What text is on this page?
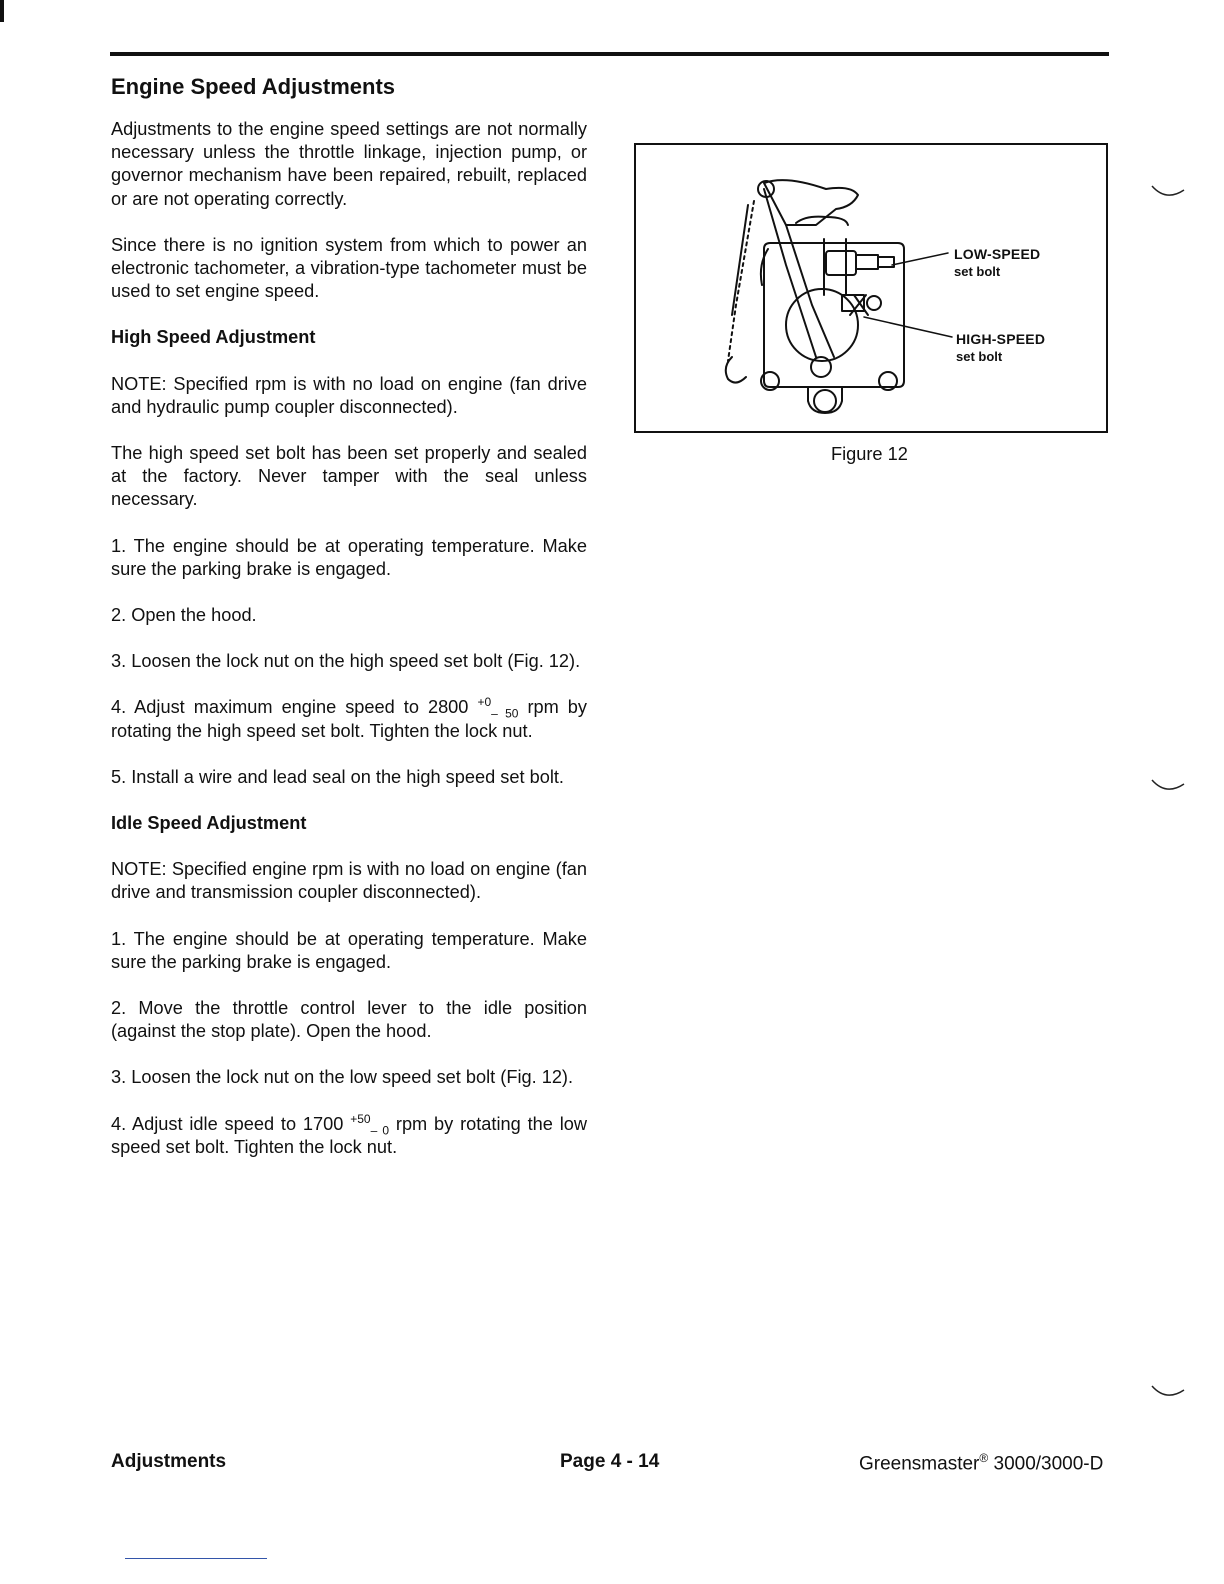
Engine Speed Adjustments

Adjustments to the engine speed settings are not normally necessary unless the throttle linkage, injection pump, or governor mechanism have been repaired, rebuilt, replaced or are not operating correctly.

Since there is no ignition system from which to power an electronic tachometer, a vibration-type tachometer must be used to set engine speed.

High Speed Adjustment

NOTE: Specified rpm is with no load on engine (fan drive and hydraulic pump coupler disconnected).

The high speed set bolt has been set properly and sealed at the factory. Never tamper with the seal unless necessary.

1. The engine should be at operating temperature. Make sure the parking brake is engaged.

2. Open the hood.

3. Loosen the lock nut on the high speed set bolt (Fig. 12).

4. Adjust maximum engine speed to 2800 $^{+0}_{- 50}$ rpm by rotating the high speed set bolt. Tighten the lock nut.

5. Install a wire and lead seal on the high speed set bolt.

Idle Speed Adjustment

NOTE: Specified engine rpm is with no load on engine (fan drive and transmission coupler disconnected).

1. The engine should be at operating temperature. Make sure the parking brake is engaged.

2. Move the throttle control lever to the idle position (against the stop plate). Open the hood.

3. Loosen the lock nut on the low speed set bolt (Fig. 12).

4. Adjust idle speed to 1700 $^{+50}_{- 0}$ rpm by rotating the low speed set bolt. Tighten the lock nut.

LOW-SPEED
set bolt
HIGH-SPEED
set bolt
Figure 12
Adjustments	Page 4 - 14	Greensmaster® 3000/3000-D
